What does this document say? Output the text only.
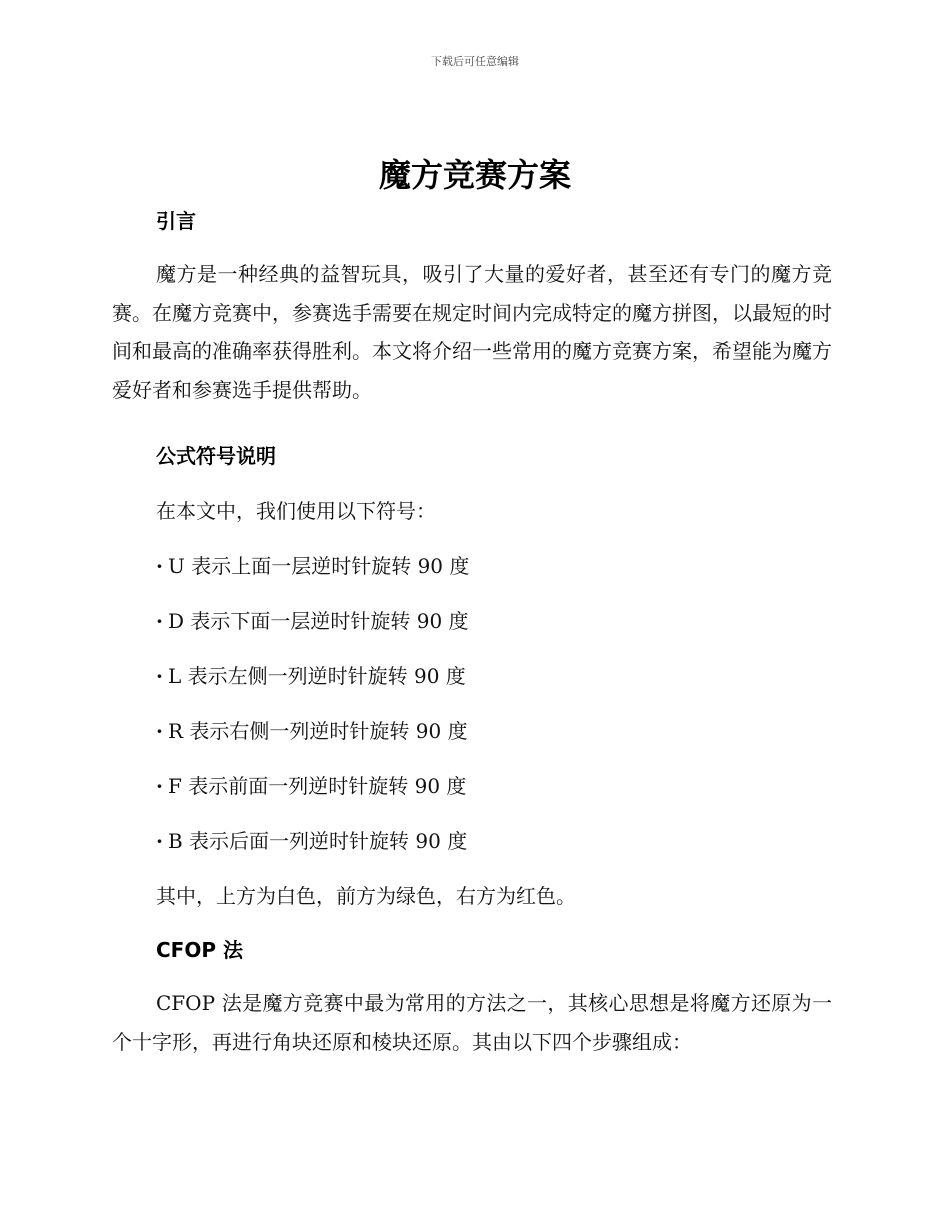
下载后可任意编辑
魔方竞赛方案
引言
魔方是一种经典的益智玩具，吸引了大量的爱好者，甚至还有专门的魔方竞赛。在魔方竞赛中，参赛选手需要在规定时间内完成特定的魔方拼图，以最短的时间和最高的准确率获得胜利。本文将介绍一些常用的魔方竞赛方案，希望能为魔方爱好者和参赛选手提供帮助。
公式符号说明
在本文中，我们使用以下符号：
· U 表示上面一层逆时针旋转 90 度
· D 表示下面一层逆时针旋转 90 度
· L 表示左侧一列逆时针旋转 90 度
· R 表示右侧一列逆时针旋转 90 度
· F 表示前面一列逆时针旋转 90 度
· B 表示后面一列逆时针旋转 90 度
其中，上方为白色，前方为绿色，右方为红色。
CFOP 法
CFOP 法是魔方竞赛中最为常用的方法之一，其核心思想是将魔方还原为一个十字形，再进行角块还原和棱块还原。其由以下四个步骤组成：
